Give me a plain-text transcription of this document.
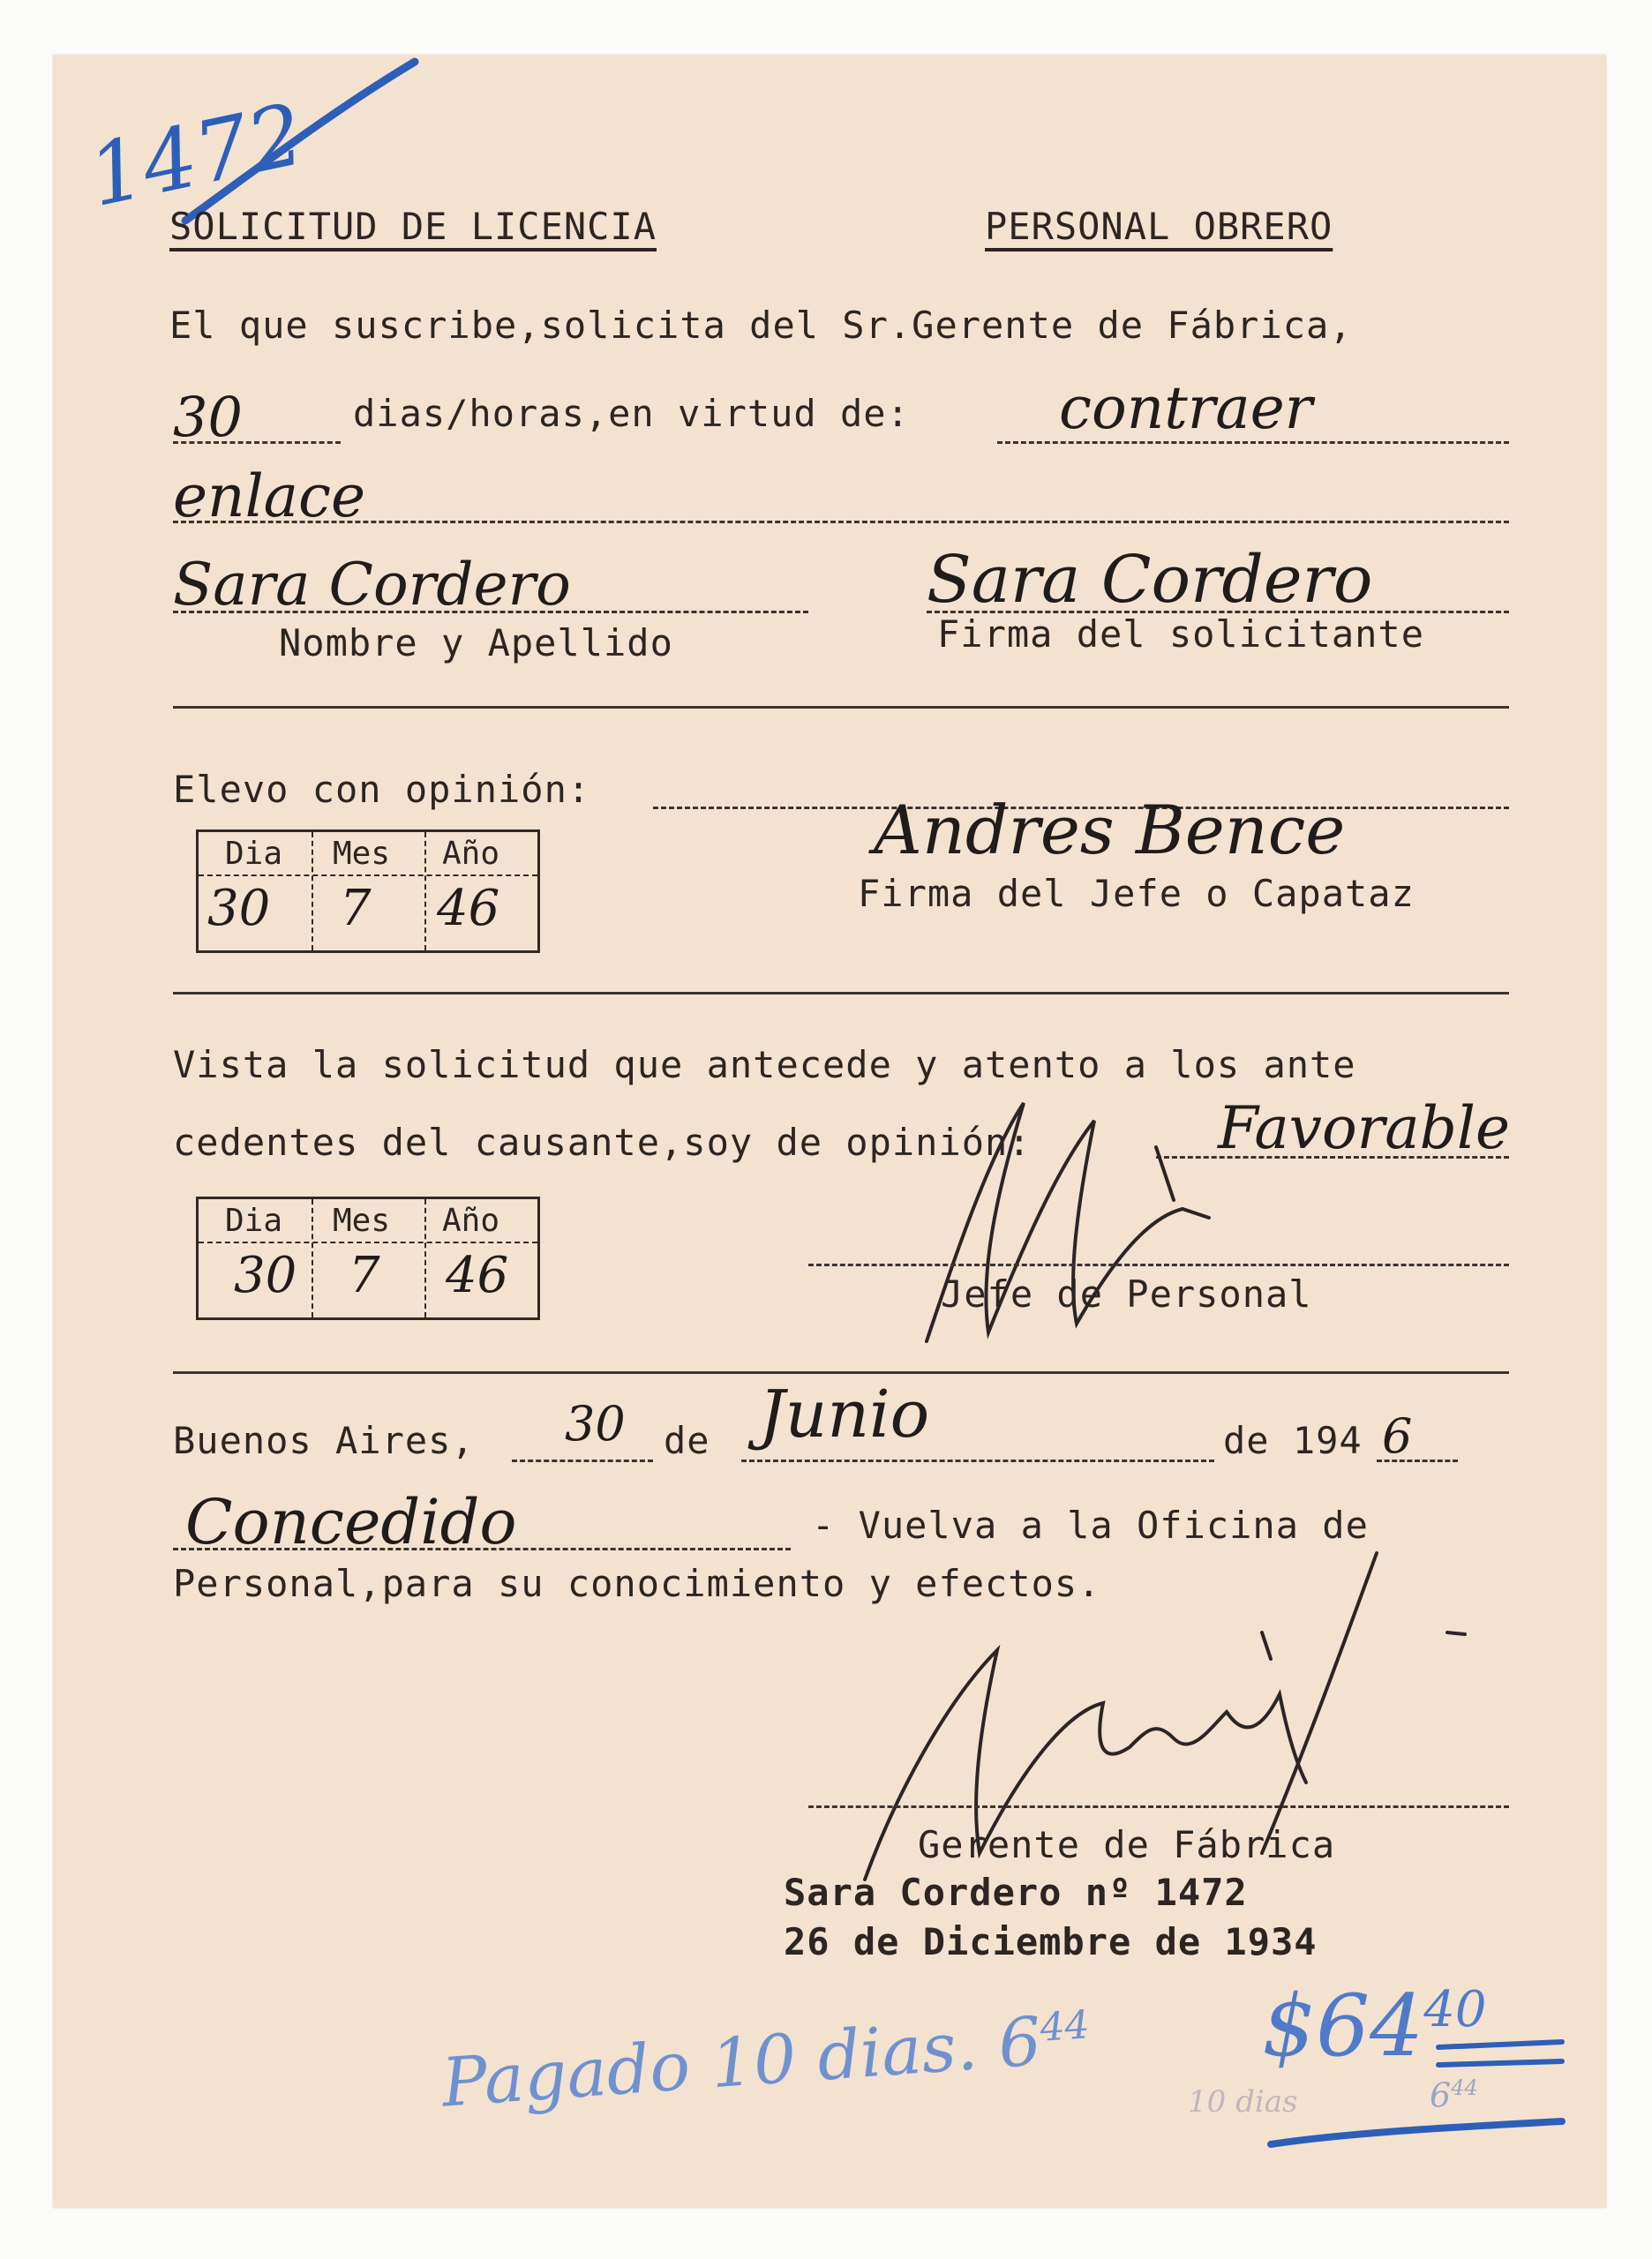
1472
SOLICITUD DE LICENCIA	PERSONAL OBRERO
El que suscribe,solicita del Sr.Gerente de Fábrica,
30	dias/horas,en virtud de:	contraer
enlace
Sara Cordero	Sara Cordero
Nombre y Apellido	Firma del solicitante
Elevo con opinión:
Dia Mes Año
30 7 46
Andres Bence
Firma del Jefe o Capataz
Vista la solicitud que antecede y atento a los ante
cedentes del causante,soy de opinión:	Favorable
Dia Mes Año
30 7 46	Jefe de Personal
Buenos Aires, 30 de Junio	de 194 6
Concedido	- Vuelva a la Oficina de
Personal,para su conocimiento y efectos.
Gerente de Fábrica
Sara Cordero nº 1472
26 de Diciembre de 1934
Pagado 10 dias. $6^{44}$ $\$64^{40}$
10 dias	$6^{44}$
